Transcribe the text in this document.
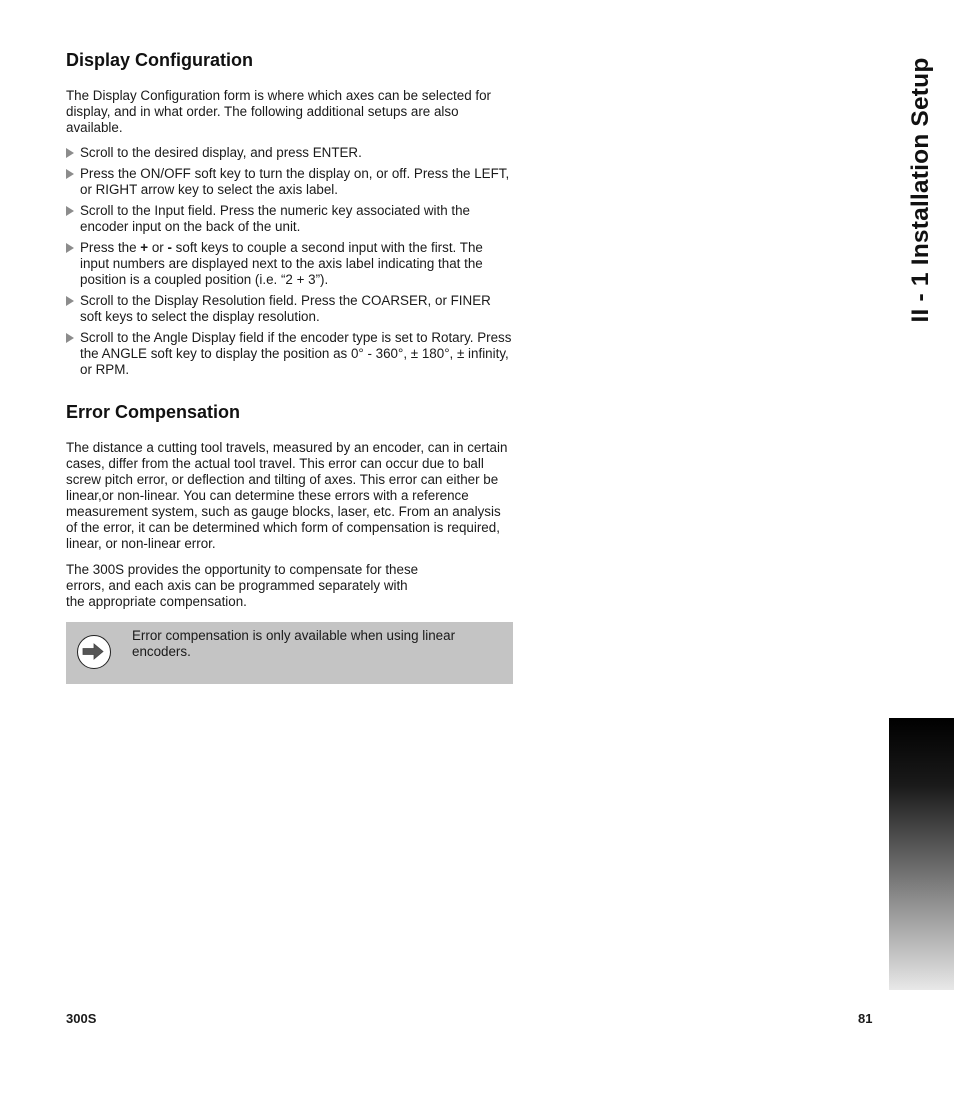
Display Configuration

The Display Configuration form is where which axes can be selected for display, and in what order. The following additional setups are also available.

Scroll to the desired display, and press ENTER.
Press the ON/OFF soft key to turn the display on, or off. Press the LEFT, or RIGHT arrow key to select the axis label.
Scroll to the Input field. Press the numeric key associated with the encoder input on the back of the unit.
Press the + or - soft keys to couple a second input with the first. The input numbers are displayed next to the axis label indicating that the position is a coupled position (i.e. “2 + 3”).
Scroll to the Display Resolution field. Press the COARSER, or FINER soft keys to select the display resolution.
Scroll to the Angle Display field if the encoder type is set to Rotary. Press the ANGLE soft key to display the position as 0° - 360°, ± 180°, ± infinity, or RPM.
Error Compensation

The distance a cutting tool travels, measured by an encoder, can in certain cases, differ from the actual tool travel. This error can occur due to ball screw pitch error, or deflection and tilting of axes. This error can either be linear,or non-linear. You can determine these errors with a reference measurement system, such as gauge blocks, laser, etc. From an analysis of the error, it can be determined which form of compensation is required, linear, or non-linear error.

The 300S provides the opportunity to compensate for these errors, and each axis can be programmed separately with the appropriate compensation.

Error compensation is only available when using linear encoders.
II - 1 Installation Setup
300S	81
